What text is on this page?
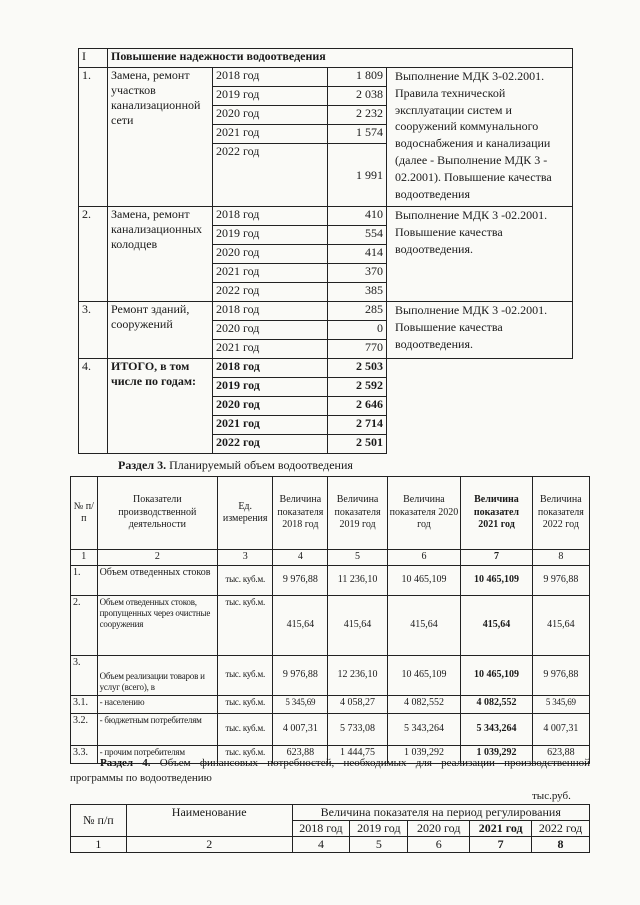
I	Повышение надежности водоотведения			
1.	Замена, ремонт участков канализационной сети	2018 год	1 809	Выполнение МДК 3-02.2001. Правила технической эксплуатации систем и сооружений коммунального водоснабжения и канализации (далее - Выполнение МДК 3 - 02.2001). Повышение качества водоотведения
		2019 год	2 038	
		2020 год	2 232	
		2021 год	1 574	
		2022 год	1 991	
2.	Замена, ремонт канализационных колодцев	2018 год	410	Выполнение МДК 3 -02.2001. Повышение качества водоотведения.
		2019 год	554	
		2020 год	414	
		2021 год	370	
		2022 год	385	
3.	Ремонт зданий, сооружений	2018 год	285	Выполнение МДК 3 -02.2001. Повышение качества водоотведения.
		2020 год	0	
		2021 год	770	
4.	ИТОГО, в том числе по годам:	2018 год	2 503	
		2019 год	2 592	
		2020 год	2 646	
		2021 год	2 714	
		2022 год	2 501	
Раздел 3. Планируемый объем водоотведения
№ п/п	Показатели производственной деятельности	Ед. измерения	Величина показателя 2018 год	Величина показателя 2019 год	Величина показателя 2020 год	Величина показател 2021 год	Величина показателя 2022 год
1	2	3	4	5	6	7	8
1.	Объем отведенных стоков	тыс. куб.м.	9 976,88	11 236,10	10 465,109	10 465,109	9 976,88
2.	Объем отведенных стоков, пропущенных через очистные сооружения	тыс. куб.м.	415,64	415,64	415,64	415,64	415,64
3.	Объем реализации товаров и услуг (всего), в	тыс. куб.м.	9 976,88	12 236,10	10 465,109	10 465,109	9 976,88
3.1.	- населению	тыс. куб.м.	5 345,69	4 058,27	4 082,552	4 082,552	5 345,69
3.2.	- бюджетным потребителям	тыс. куб.м.	4 007,31	5 733,08	5 343,264	5 343,264	4 007,31
3.3.	- прочим потребителям	тыс. куб.м.	623,88	1 444,75	1 039,292	1 039,292	623,88
Раздел 4. Объем финансовых потребностей, необходимых для реализации производственной программы по водоотведению
тыс.руб.
№ п/п	Наименование	Величина показателя на период регулирования				
		2018 год	2019 год	2020 год	2021 год	2022 год
1	2	4	5	6	7	8
